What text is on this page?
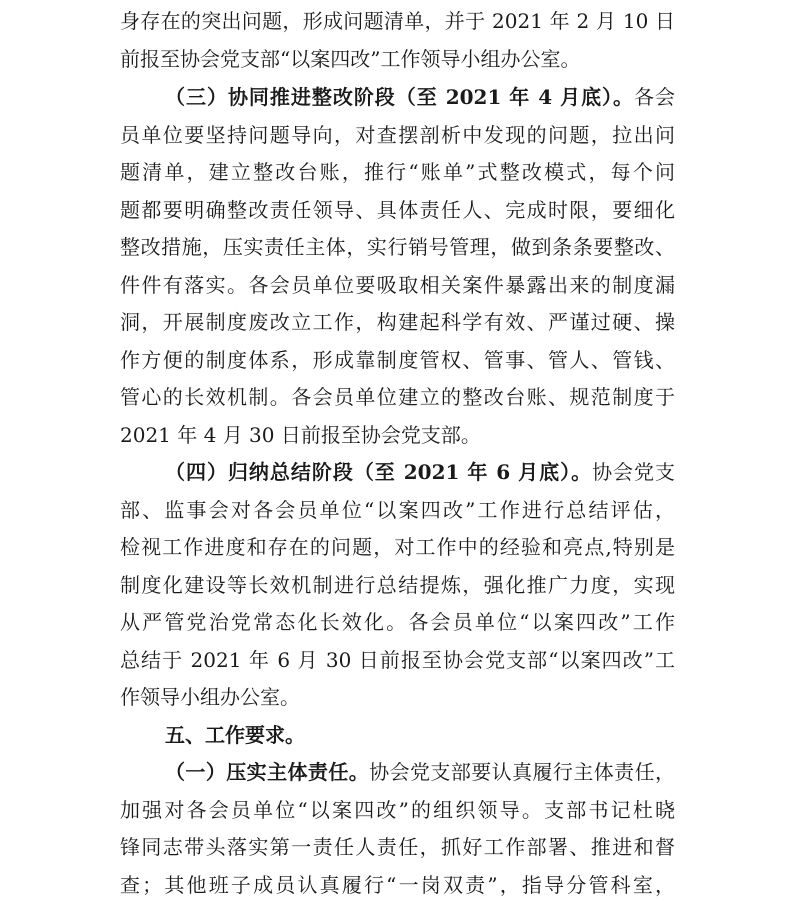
身存在的突出问题，形成问题清单，并于 2021 年 2 月 10 日
前报至协会党支部“以案四改”工作领导小组办公室。
（三）协同推进整改阶段（至 2021 年 4 月底）。各会
员单位要坚持问题导向，对查摆剖析中发现的问题，拉出问
题清单，建立整改台账，推行“账单”式整改模式，每个问
题都要明确整改责任领导、具体责任人、完成时限，要细化
整改措施，压实责任主体，实行销号管理，做到条条要整改、
件件有落实。各会员单位要吸取相关案件暴露出来的制度漏
洞，开展制度废改立工作，构建起科学有效、严谨过硬、操
作方便的制度体系，形成靠制度管权、管事、管人、管钱、
管心的长效机制。各会员单位建立的整改台账、规范制度于
2021 年 4 月 30 日前报至协会党支部。
（四）归纳总结阶段（至 2021 年 6 月底）。协会党支
部、监事会对各会员单位“以案四改”工作进行总结评估，
检视工作进度和存在的问题，对工作中的经验和亮点,特别是
制度化建设等长效机制进行总结提炼，强化推广力度，实现
从严管党治党常态化长效化。各会员单位“以案四改”工作
总结于 2021 年 6 月 30 日前报至协会党支部“以案四改”工
作领导小组办公室。
五、工作要求。
（一）压实主体责任。协会党支部要认真履行主体责任，
加强对各会员单位“以案四改”的组织领导。支部书记杜晓
锋同志带头落实第一责任人责任，抓好工作部署、推进和督
查；其他班子成员认真履行“一岗双责”，指导分管科室，
